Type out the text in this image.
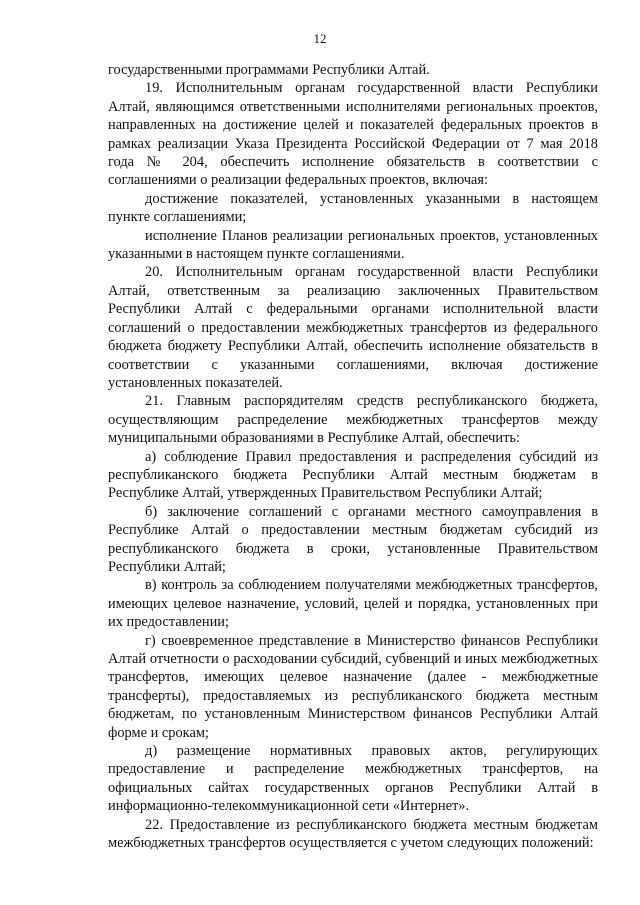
12

государственными программами Республики Алтай.

19. Исполнительным органам государственной власти Республики Алтай, являющимся ответственными исполнителями региональных проектов, направленных на достижение целей и показателей федеральных проектов в рамках реализации Указа Президента Российской Федерации от 7 мая 2018 года № 204, обеспечить исполнение обязательств в соответствии с соглашениями о реализации федеральных проектов, включая:

достижение показателей, установленных указанными в настоящем пункте соглашениями;

исполнение Планов реализации региональных проектов, установленных указанными в настоящем пункте соглашениями.

20. Исполнительным органам государственной власти Республики Алтай, ответственным за реализацию заключенных Правительством Республики Алтай с федеральными органами исполнительной власти соглашений о предоставлении межбюджетных трансфертов из федерального бюджета бюджету Республики Алтай, обеспечить исполнение обязательств в соответствии с указанными соглашениями, включая достижение установленных показателей.

21. Главным распорядителям средств республиканского бюджета, осуществляющим распределение межбюджетных трансфертов между муниципальными образованиями в Республике Алтай, обеспечить:

а) соблюдение Правил предоставления и распределения субсидий из республиканского бюджета Республики Алтай местным бюджетам в Республике Алтай, утвержденных Правительством Республики Алтай;

б) заключение соглашений с органами местного самоуправления в Республике Алтай о предоставлении местным бюджетам субсидий из республиканского бюджета в сроки, установленные Правительством Республики Алтай;

в) контроль за соблюдением получателями межбюджетных трансфертов, имеющих целевое назначение, условий, целей и порядка, установленных при их предоставлении;

г) своевременное представление в Министерство финансов Республики Алтай отчетности о расходовании субсидий, субвенций и иных межбюджетных трансфертов, имеющих целевое назначение (далее - межбюджетные трансферты), предоставляемых из республиканского бюджета местным бюджетам, по установленным Министерством финансов Республики Алтай форме и срокам;

д) размещение нормативных правовых актов, регулирующих предоставление и распределение межбюджетных трансфертов, на официальных сайтах государственных органов Республики Алтай в информационно-телекоммуникационной сети «Интернет».

22. Предоставление из республиканского бюджета местным бюджетам межбюджетных трансфертов осуществляется с учетом следующих положений:
